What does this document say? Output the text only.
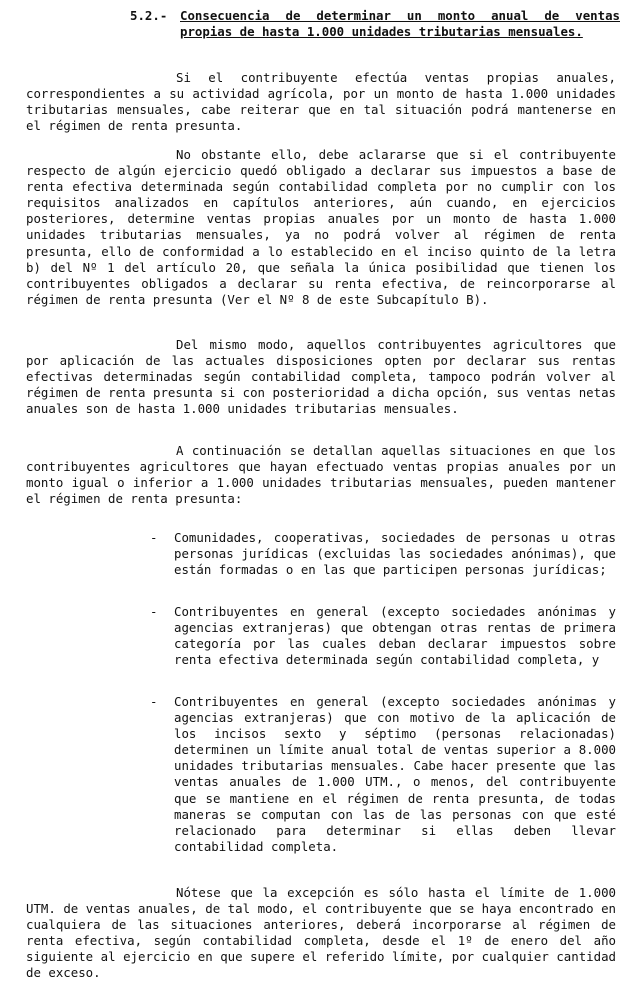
5.2.-	Consecuencia de determinar un monto anual de ventas propias de hasta 1.000 unidades tributarias mensuales.

Si el contribuyente efectúa ventas propias anuales, correspondientes a su actividad agrícola, por un monto de hasta 1.000 unidades tributarias mensuales, cabe reiterar que en tal situación podrá mantenerse en el régimen de renta presunta.

No obstante ello, debe aclararse que si el contribuyente respecto de algún ejercicio quedó obligado a declarar sus impuestos a base de renta efectiva determinada según contabilidad completa por no cumplir con los requisitos analizados en capítulos anteriores, aún cuando, en ejercicios posteriores, determine ventas propias anuales por un monto de hasta 1.000 unidades tributarias mensuales, ya no podrá volver al régimen de renta presunta, ello de conformidad a lo establecido en el inciso quinto de la letra b) del Nº 1 del artículo 20, que señala la única posibilidad que tienen los contribuyentes obligados a declarar su renta efectiva, de reincorporarse al régimen de renta presunta (Ver el Nº 8 de este Subcapítulo B).

Del mismo modo, aquellos contribuyentes agricultores que por aplicación de las actuales disposiciones opten por declarar sus rentas efectivas determinadas según contabilidad completa, tampoco podrán volver al régimen de renta presunta si con posterioridad a dicha opción, sus ventas netas anuales son de hasta 1.000 unidades tributarias mensuales.

A continuación se detallan aquellas situaciones en que los contribuyentes agricultores que hayan efectuado ventas propias anuales por un monto igual o inferior a 1.000 unidades tributarias mensuales, pueden mantener el régimen de renta presunta:

-	Comunidades, cooperativas, sociedades de personas u otras personas jurídicas (excluidas las sociedades anónimas), que están formadas o en las que participen personas jurídicas;
-	Contribuyentes en general (excepto sociedades anónimas y agencias extranjeras) que obtengan otras rentas de primera categoría por las cuales deban declarar impuestos sobre renta efectiva determinada según contabilidad completa, y
-	Contribuyentes en general (excepto sociedades anónimas y agencias extranjeras) que con motivo de la aplicación de los incisos sexto y séptimo (personas relacionadas) determinen un límite anual total de ventas superior a 8.000 unidades tributarias mensuales. Cabe hacer presente que las ventas anuales de 1.000 UTM., o menos, del contribuyente que se mantiene en el régimen de renta presunta, de todas maneras se computan con las de las personas con que esté relacionado para determinar si ellas deben llevar contabilidad completa.

Nótese que la excepción es sólo hasta el límite de 1.000 UTM. de ventas anuales, de tal modo, el contribuyente que se haya encontrado en cualquiera de las situaciones anteriores, deberá incorporarse al régimen de renta efectiva, según contabilidad completa, desde el 1º de enero del año siguiente al ejercicio en que supere el referido límite, por cualquier cantidad de exceso.
